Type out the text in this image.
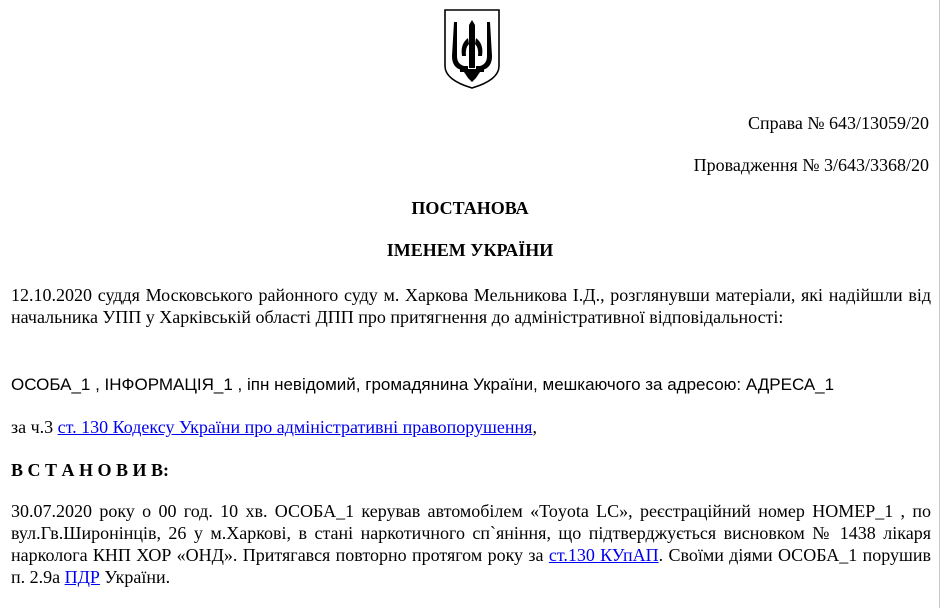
Справа № 643/13059/20
Провадження № 3/643/3368/20
ПОСТАНОВА
ІМЕНЕМ УКРАЇНИ
12.10.2020 суддя Московського районного суду м. Харкова Мельникова І.Д., розглянувши матеріали, які надійшли від начальника УПП у Харківській області ДПП про притягнення до адміністративної відповідальності:
ОСОБА_1 , ІНФОРМАЦІЯ_1 , іпн невідомий, громадянина України, мешкаючого за адресою: АДРЕСА_1
за ч.3 ст. 130 Кодексу України про адміністративні правопорушення,
В С Т А Н О В И В:
30.07.2020 року о 00 год. 10 хв. ОСОБА_1 керував автомобілем «Toyota LC», реєстраційний номер НОМЕР_1 , по вул.Гв.Широнінців, 26 у м.Харкові, в стані наркотичного сп`яніння, що підтверджується висновком № 1438 лікаря нарколога КНП ХОР «ОНД». Притягався повторно протягом року за ст.130 КУпАП. Своїми діями ОСОБА_1 порушив п. 2.9а ПДР України.
